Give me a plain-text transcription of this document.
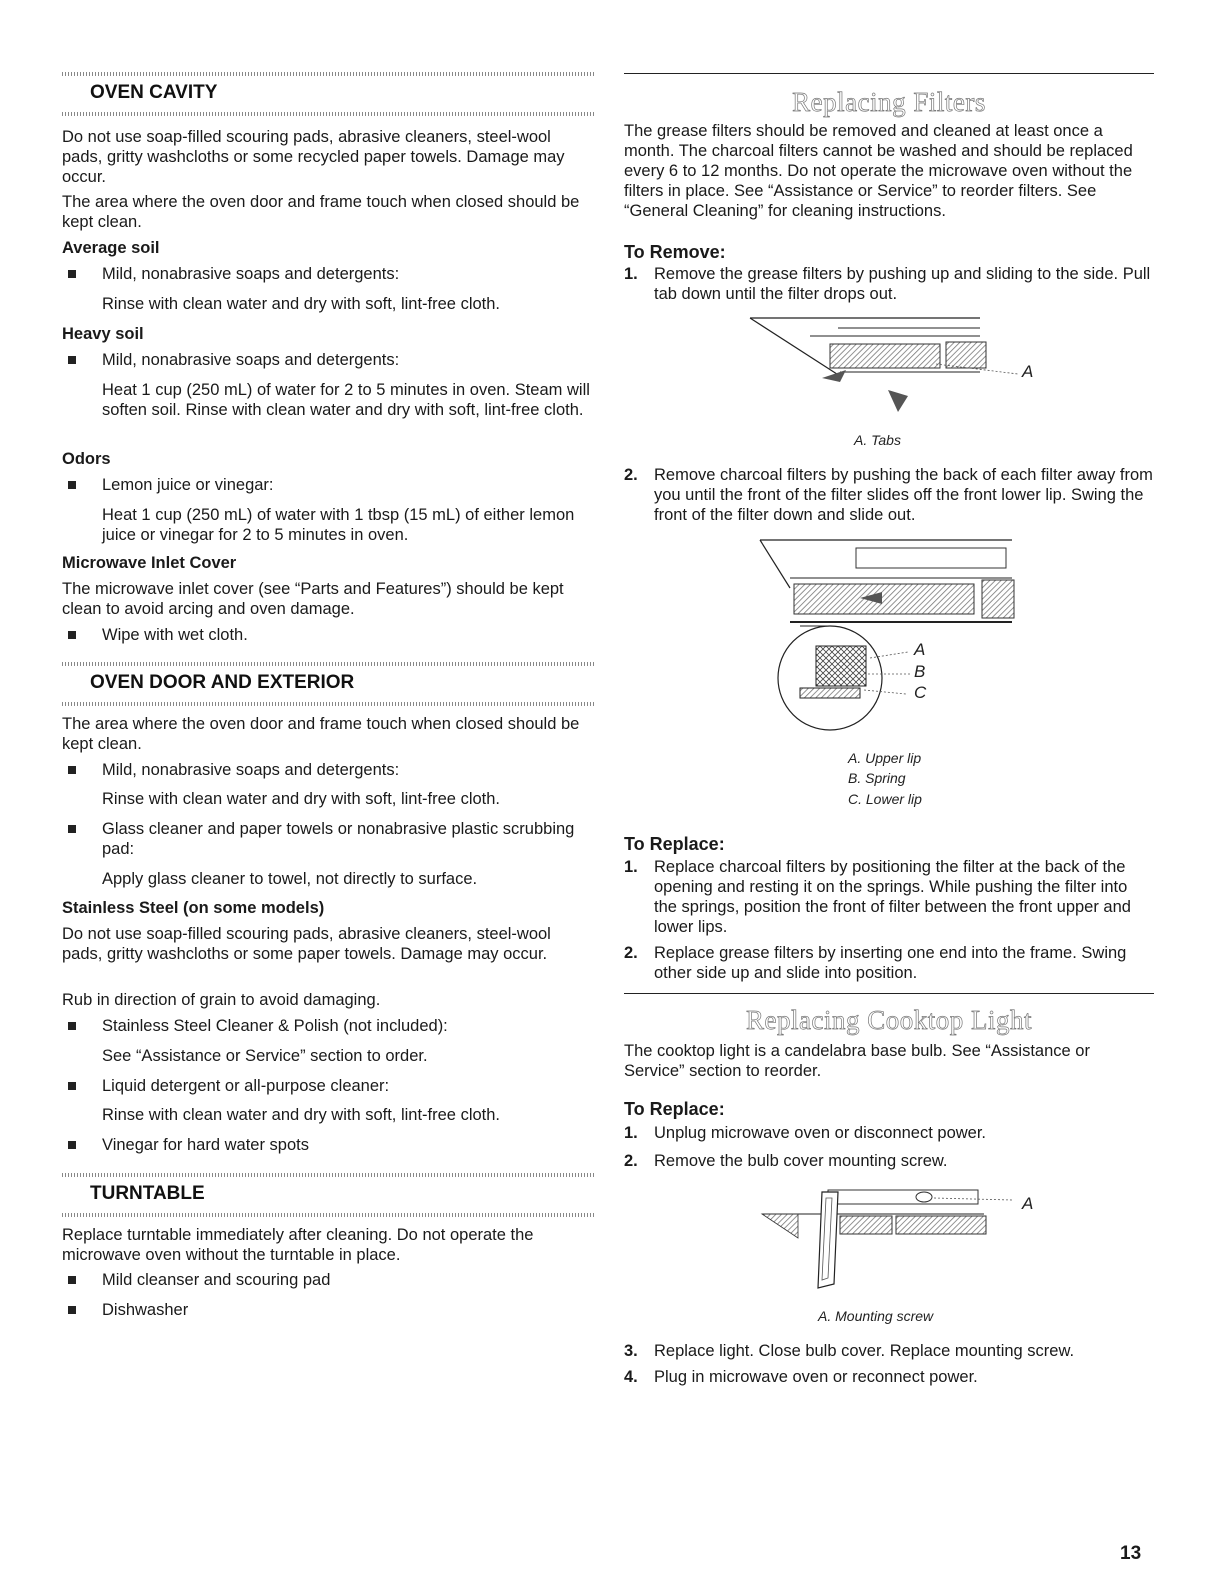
OVEN CAVITY

Do not use soap-filled scouring pads, abrasive cleaners, steel-wool pads, gritty washcloths or some recycled paper towels. Damage may occur.

The area where the oven door and frame touch when closed should be kept clean.

Average soil
Mild, nonabrasive soaps and detergents:

Rinse with clean water and dry with soft, lint-free cloth.

Heavy soil
Mild, nonabrasive soaps and detergents:

Heat 1 cup (250 mL) of water for 2 to 5 minutes in oven. Steam will soften soil. Rinse with clean water and dry with soft, lint-free cloth.

Odors
Lemon juice or vinegar:

Heat 1 cup (250 mL) of water with 1 tbsp (15 mL) of either lemon juice or vinegar for 2 to 5 minutes in oven.

Microwave Inlet Cover

The microwave inlet cover (see “Parts and Features”) should be kept clean to avoid arcing and oven damage.

Wipe with wet cloth.
OVEN DOOR AND EXTERIOR

The area where the oven door and frame touch when closed should be kept clean.

Mild, nonabrasive soaps and detergents:

Rinse with clean water and dry with soft, lint-free cloth.

Glass cleaner and paper towels or nonabrasive plastic scrubbing pad:

Apply glass cleaner to towel, not directly to surface.

Stainless Steel (on some models)

Do not use soap-filled scouring pads, abrasive cleaners, steel-wool pads, gritty washcloths or some paper towels. Damage may occur.

Rub in direction of grain to avoid damaging.

Stainless Steel Cleaner & Polish (not included):

See “Assistance or Service” section to order.

Liquid detergent or all-purpose cleaner:

Rinse with clean water and dry with soft, lint-free cloth.

Vinegar for hard water spots
TURNTABLE

Replace turntable immediately after cleaning. Do not operate the microwave oven without the turntable in place.

Mild cleanser and scouring pad
Dishwasher
Replacing Filters

The grease filters should be removed and cleaned at least once a month. The charcoal filters cannot be washed and should be replaced every 6 to 12 months. Do not operate the microwave oven without the filters in place. See “Assistance or Service” to reorder filters. See “General Cleaning” for cleaning instructions.

To Remove:
1. Remove the grease filters by pushing up and sliding to the side. Pull tab down until the filter drops out.
A
A. Tabs
2. Remove charcoal filters by pushing the back of each filter away from you until the front of the filter slides off the front lower lip. Swing the front of the filter down and slide out.
A
B
C
A. Upper lip
B. Spring
C. Lower lip
To Replace:
1. Replace charcoal filters by positioning the filter at the back of the opening and resting it on the springs. While pushing the filter into the springs, position the front of filter between the front upper and lower lips.
2. Replace grease filters by inserting one end into the frame. Swing other side up and slide into position.
Replacing Cooktop Light

The cooktop light is a candelabra base bulb. See “Assistance or Service” section to reorder.

To Replace:
1. Unplug microwave oven or disconnect power.
2. Remove the bulb cover mounting screw.
A
A. Mounting screw
3. Replace light. Close bulb cover. Replace mounting screw.
4. Plug in microwave oven or reconnect power.
13
